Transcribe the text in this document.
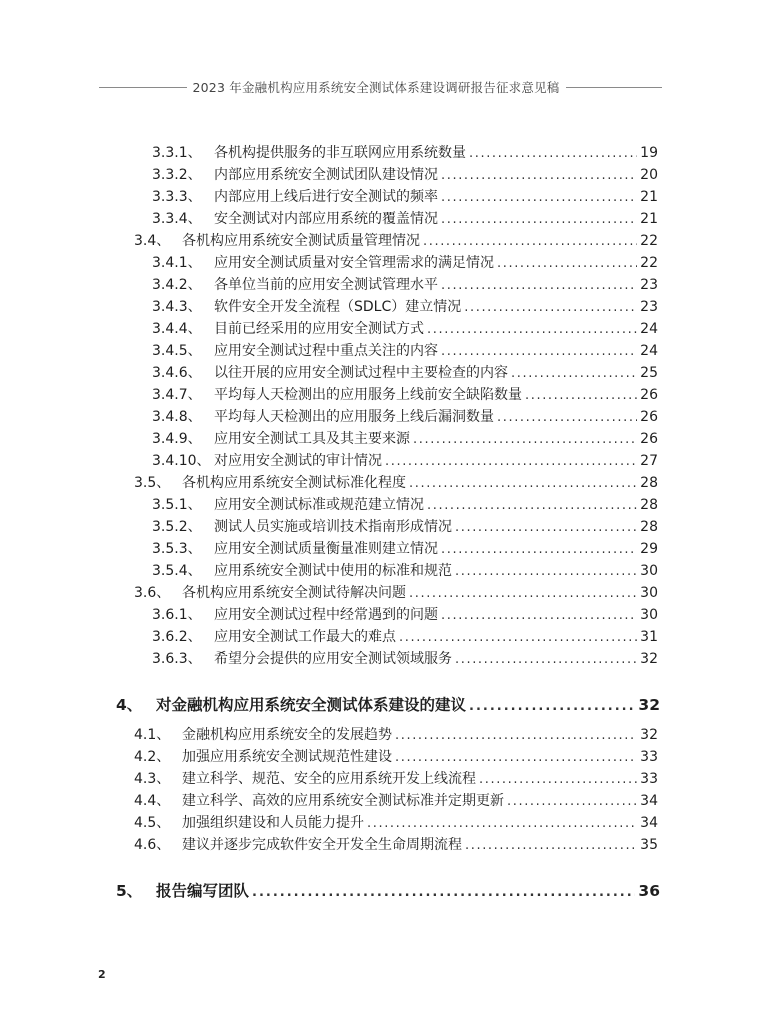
2023 年金融机构应用系统安全测试体系建设调研报告征求意见稿
3.3.1、 各机构提供服务的非互联网应用系统数量 .....	19
3.3.2、 内部应用系统安全测试团队建设情况 .....	20
3.3.3、 内部应用上线后进行安全测试的频率 .....	21
3.3.4、 安全测试对内部应用系统的覆盖情况 .....	21
3.4、 各机构应用系统安全测试质量管理情况 .....	22
3.4.1、 应用安全测试质量对安全管理需求的满足情况 .....	22
3.4.2、 各单位当前的应用安全测试管理水平 .....	23
3.4.3、 软件安全开发全流程（SDLC）建立情况 .....	23
3.4.4、 目前已经采用的应用安全测试方式 .....	24
3.4.5、 应用安全测试过程中重点关注的内容 .....	24
3.4.6、 以往开展的应用安全测试过程中主要检查的内容 .....	25
3.4.7、 平均每人天检测出的应用服务上线前安全缺陷数量 .....	26
3.4.8、 平均每人天检测出的应用服务上线后漏洞数量 .....	26
3.4.9、 应用安全测试工具及其主要来源 .....	26
3.4.10、 对应用安全测试的审计情况 .....	27
3.5、 各机构应用系统安全测试标准化程度 .....	28
3.5.1、 应用安全测试标准或规范建立情况 .....	28
3.5.2、 测试人员实施或培训技术指南形成情况 .....	28
3.5.3、 应用安全测试质量衡量准则建立情况 .....	29
3.5.4、 应用系统安全测试中使用的标准和规范 .....	30
3.6、 各机构应用系统安全测试待解决问题 .....	30
3.6.1、 应用安全测试过程中经常遇到的问题 .....	30
3.6.2、 应用安全测试工作最大的难点 .....	31
3.6.3、 希望分会提供的应用安全测试领域服务 .....	32
4、 对金融机构应用系统安全测试体系建设的建议 .....	32
4.1、 金融机构应用系统安全的发展趋势 .....	32
4.2、 加强应用系统安全测试规范性建设 .....	33
4.3、 建立科学、规范、安全的应用系统开发上线流程 .....	33
4.4、 建立科学、高效的应用系统安全测试标准并定期更新 .....	34
4.5、 加强组织建设和人员能力提升 .....	34
4.6、 建议并逐步完成软件安全开发全生命周期流程 .....	35
5、 报告编写团队 .....	36
2
